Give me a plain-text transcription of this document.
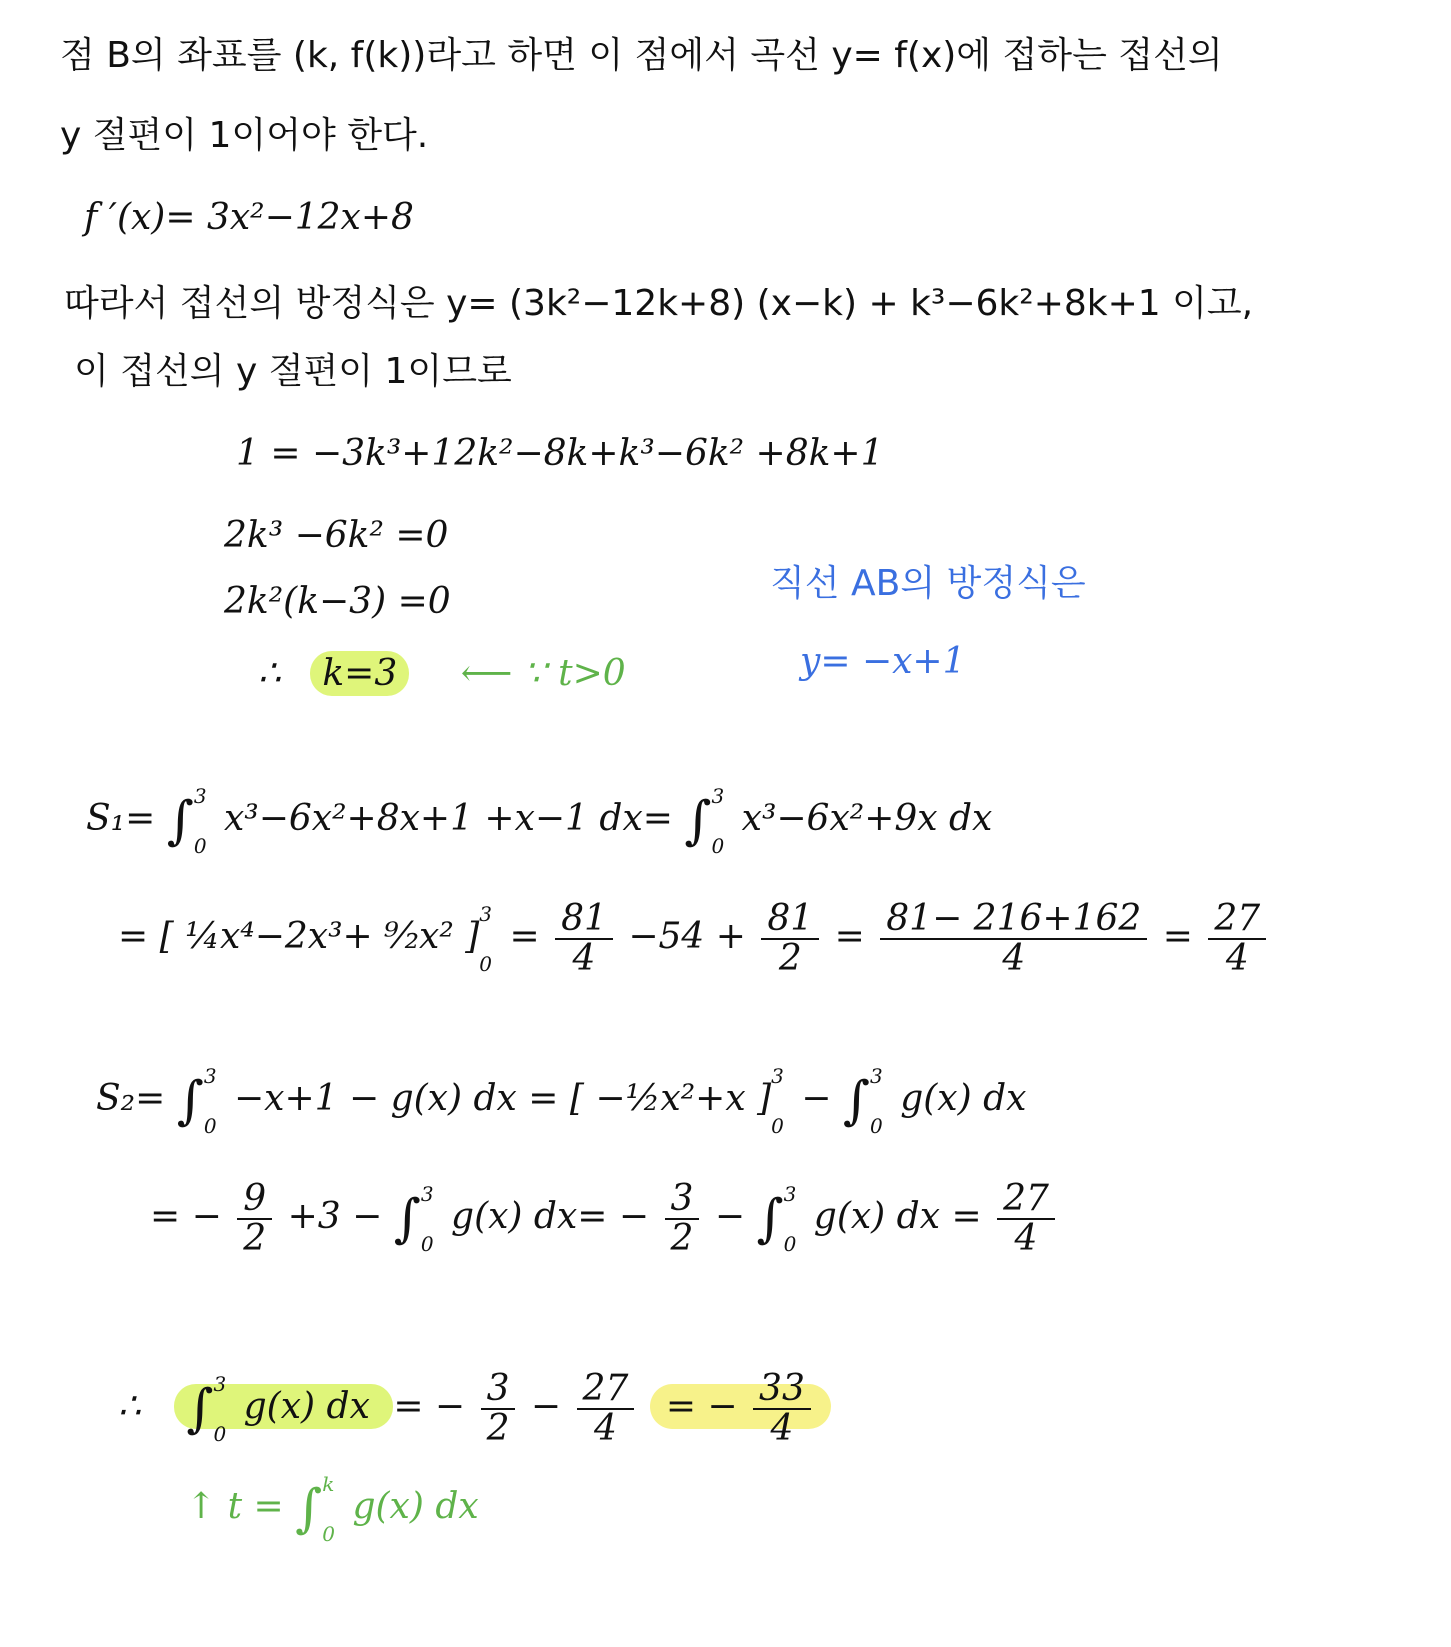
점 B의 좌표를 (k, f(k))라고 하면 이 점에서 곡선 y= f(x)에 접하는 접선의
y 절편이 1이어야 한다.
f ′(x)= 3x²−12x+8
따라서 접선의 방정식은 y= (3k²−12k+8) (x−k) + k³−6k²+8k+1 이고,
이 접선의 y 절편이 1이므로
1 = −3k³+12k²−8k+k³−6k² +8k+1
2k³ −6k² =0
2k²(k−3) =0
∴ k=3 ⟵ ∵ t>0
직선 AB의 방정식은
y= −x+1
S₁= ∫ 3
0
x³−6x²+8x+1 +x−1 dx= ∫ 3
0
x³−6x²+9x dx
= [ ¼x⁴−2x³+ ⁹⁄₂x² ]
3
0
= $\frac{81}{4} -54 + \frac{81}{2} = \frac{81- 216+162}{4} = \frac{27}{4}$
S₂= ∫ 3
0
−x+1 − g(x) dx = [ −½x²+x ]
3
0
− ∫ 3
0
g(x) dx
= − $\frac{9}{2} +3$ − ∫ 3
0
g(x) $dx= - \frac{3}{2}$ − ∫ 3
0
g(x) dx = $\frac{27}{4}$
∴ ∫ 3
0
g(x) dx = − $\frac{3}{2} - \frac{27}{4}$ = − $\frac{33}{4}$
↑ t = ∫ k
0
g(x) dx
